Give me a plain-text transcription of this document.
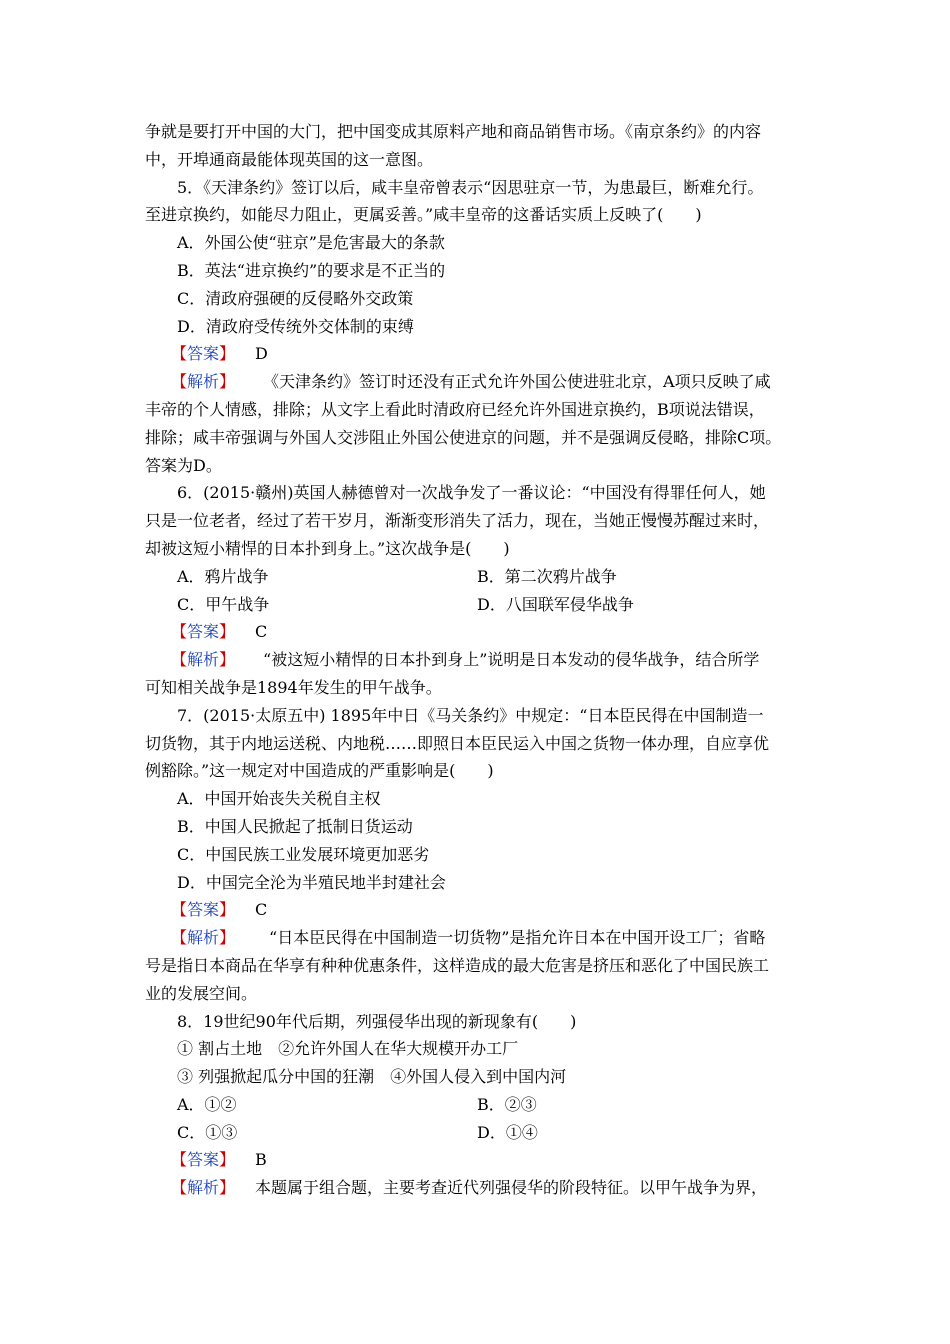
争就是要打开中国的大门，把中国变成其原料产地和商品销售市场。《南京条约》的内容
中，开埠通商最能体现英国的这一意图。
5．《天津条约》签订以后，咸丰皇帝曾表示“因思驻京一节，为患最巨，断难允行。
至进京换约，如能尽力阻止，更属妥善。”咸丰皇帝的这番话实质上反映了(　　)
A．外国公使“驻京”是危害最大的条款
B．英法“进京换约”的要求是不正当的
C．清政府强硬的反侵略外交政策
D．清政府受传统外交体制的束缚
【答案】 D
【解析】 《天津条约》签订时还没有正式允许外国公使进驻北京，A项只反映了咸
丰帝的个人情感，排除；从文字上看此时清政府已经允许外国进京换约，B项说法错误，
排除；咸丰帝强调与外国人交涉阻止外国公使进京的问题，并不是强调反侵略，排除C项。
答案为D。
6．(2015·赣州)英国人赫德曾对一次战争发了一番议论：“中国没有得罪任何人，她
只是一位老者，经过了若干岁月，渐渐变形消失了活力，现在，当她正慢慢苏醒过来时，
却被这短小精悍的日本扑到身上。”这次战争是(　　)
A．鸦片战争	B．第二次鸦片战争
C．甲午战争	D．八国联军侵华战争
【答案】 C
【解析】 “被这短小精悍的日本扑到身上”说明是日本发动的侵华战争，结合所学
可知相关战争是1894年发生的甲午战争。
7．(2015·太原五中) 1895年中日《马关条约》中规定：“日本臣民得在中国制造一
切货物，其于内地运送税、内地税……即照日本臣民运入中国之货物一体办理，自应享优
例豁除。”这一规定对中国造成的严重影响是(　　)
A．中国开始丧失关税自主权
B．中国人民掀起了抵制日货运动
C．中国民族工业发展环境更加恶劣
D．中国完全沦为半殖民地半封建社会
【答案】 C
【解析】 “日本臣民得在中国制造一切货物”是指允许日本在中国开设工厂；省略
号是指日本商品在华享有种种优惠条件，这样造成的最大危害是挤压和恶化了中国民族工
业的发展空间。
8．19世纪90年代后期，列强侵华出现的新现象有(　　)
① 割占土地　②允许外国人在华大规模开办工厂
③ 列强掀起瓜分中国的狂潮　④外国人侵入到中国内河
A．①②	B．②③
C．①③	D．①④
【答案】 B
【解析】 本题属于组合题，主要考查近代列强侵华的阶段特征。以甲午战争为界，
